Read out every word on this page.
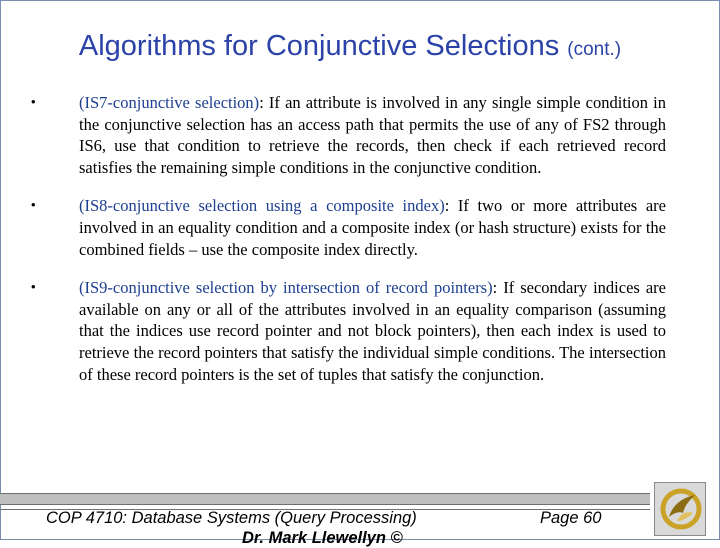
Algorithms for Conjunctive Selections (cont.)
•	(IS7-conjunctive selection): If an attribute is involved in any single simple condition in the conjunctive selection has an access path that permits the use of any of FS2 through IS6, use that condition to retrieve the records, then check if each retrieved record satisfies the remaining simple conditions in the conjunctive condition.
•	(IS8-conjunctive selection using a composite index): If two or more attributes are involved in an equality condition and a composite index (or hash structure) exists for the combined fields – use the composite index directly.
•	(IS9-conjunctive selection by intersection of record pointers): If secondary indices are available on any or all of the attributes involved in an equality comparison (assuming that the indices use record pointer and not block pointers), then each index is used to retrieve the record pointers that satisfy the individual simple conditions. The intersection of these record pointers is the set of tuples that satisfy the conjunction.
COP 4710: Database Systems (Query Processing)	Page 60
Dr. Mark Llewellyn ©
